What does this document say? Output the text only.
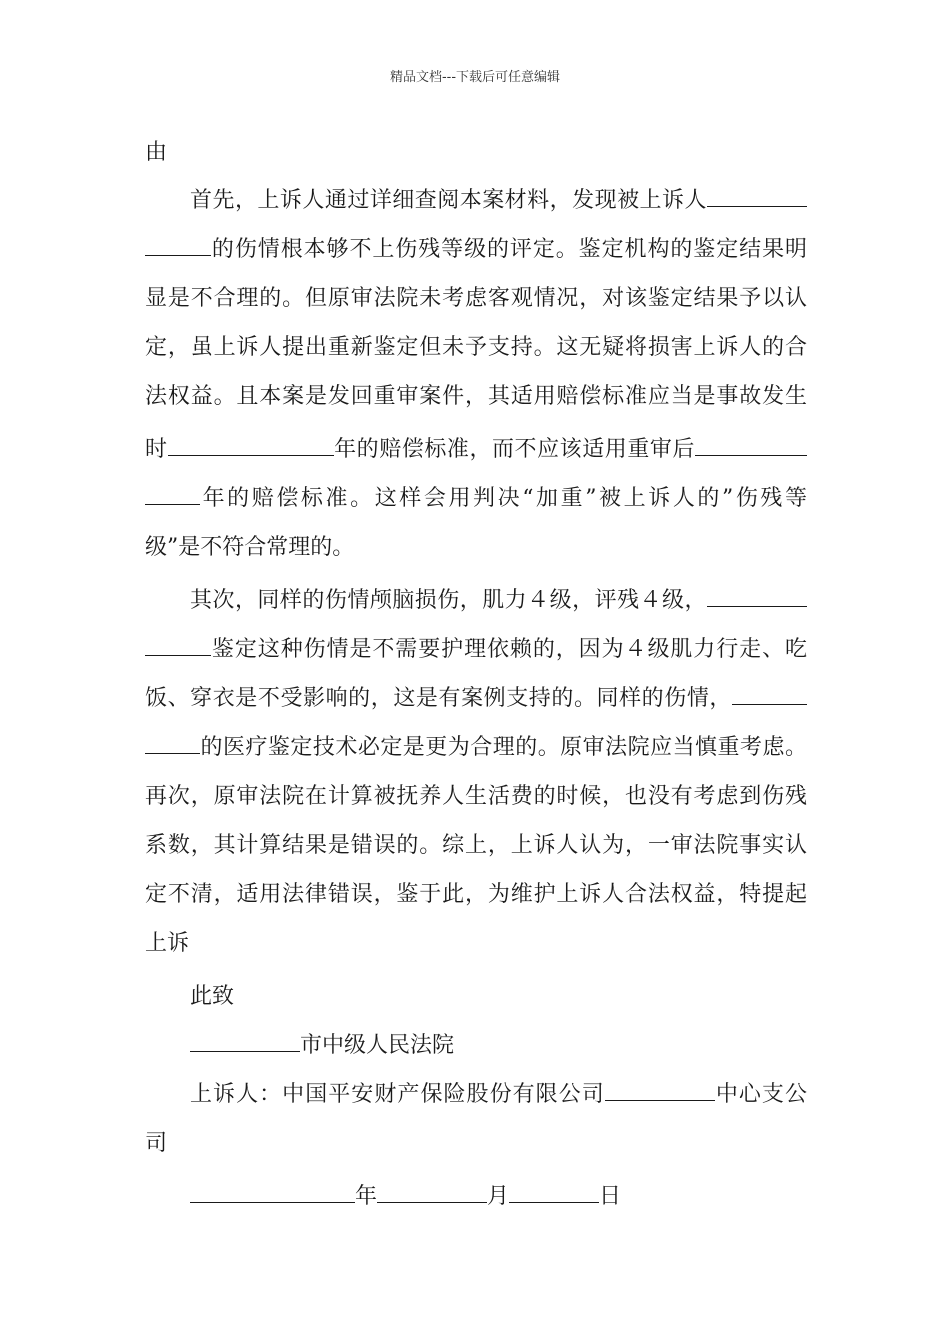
精品文档---下载后可任意编辑
由
首先，上诉人通过详细查阅本案材料，发现被上诉人
的伤情根本够不上伤残等级的评定。鉴定机构的鉴定结果明
显是不合理的。但原审法院未考虑客观情况，对该鉴定结果予以认
定，虽上诉人提出重新鉴定但未予支持。这无疑将损害上诉人的合
法权益。且本案是发回重审案件，其适用赔偿标准应当是事故发生
时	年的赔偿标准，而不应该适用重审后
年的赔偿标准。这样会用判决“加重”被上诉人的”伤残等
级”是不符合常理的。
其次，同样的伤情颅脑损伤，肌力４级，评残４级，
鉴定这种伤情是不需要护理依赖的，因为４级肌力行走、吃
饭、穿衣是不受影响的，这是有案例支持的。同样的伤情，
的医疗鉴定技术必定是更为合理的。原审法院应当慎重考虑。
再次，原审法院在计算被抚养人生活费的时候，也没有考虑到伤残
系数，其计算结果是错误的。综上，上诉人认为，一审法院事实认
定不清，适用法律错误，鉴于此，为维护上诉人合法权益，特提起
上诉
此致
市中级人民法院
上诉人：中国平安财产保险股份有限公司	中心支公
司
年	月	日
